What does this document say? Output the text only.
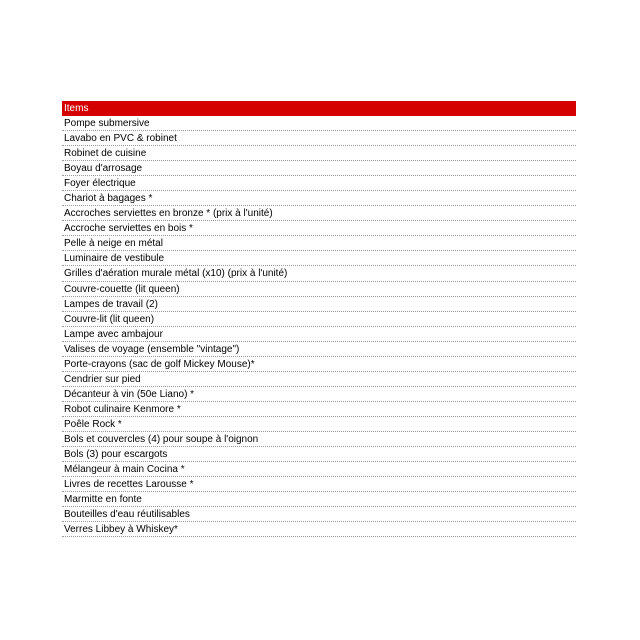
Items
Pompe submersive
Lavabo en PVC & robinet
Robinet de cuisine
Boyau d'arrosage
Foyer électrique
Chariot à bagages *
Accroches serviettes en bronze * (prix à l'unité)
Accroche serviettes en bois *
Pelle à neige en métal
Luminaire de vestibule
Grilles d'aération murale métal (x10) (prix à l'unité)
Couvre-couette (lit queen)
Lampes de travail (2)
Couvre-lit (lit queen)
Lampe avec ambajour
Valises de voyage (ensemble "vintage")
Porte-crayons (sac de golf Mickey Mouse)*
Cendrier sur pied
Décanteur à vin (50e Liano) *
Robot culinaire Kenmore *
Poêle Rock *
Bols et couvercles (4) pour soupe à l'oignon
Bols (3) pour escargots
Mélangeur à main Cocina *
Livres de recettes Larousse *
Marmitte en fonte
Bouteilles d'eau réutilisables
Verres Libbey à Whiskey*
